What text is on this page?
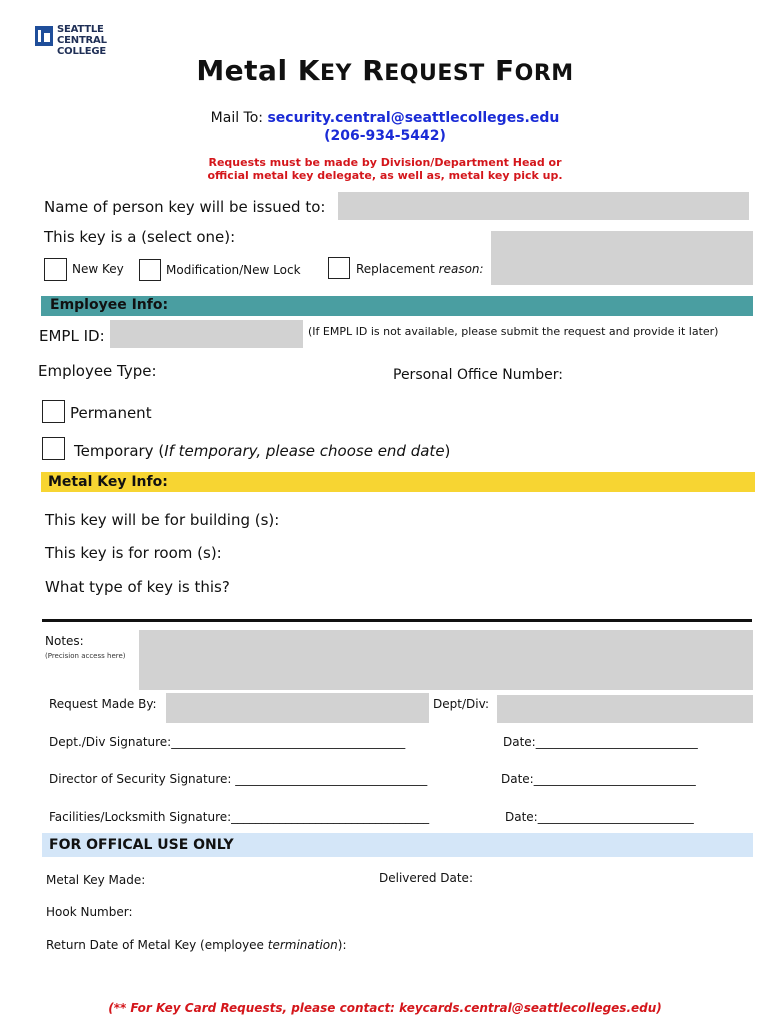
SEATTLE CENTRAL
COLLEGE
Metal KEY REQUEST FORM
Mail To: security.central@seattlecolleges.edu
(206-934-5442)
Requests must be made by Division/Department Head or
official metal key delegate, as well as, metal key pick up.
Name of person key will be issued to:
This key is a (select one):
New Key	Modification/New Lock	Replacement reason:
Employee Info:
EMPL ID:	(If EMPL ID is not available, please submit the request and provide it later)
Employee Type:	Personal Office Number:
Permanent
Temporary (If temporary, please choose end date)
Metal Key Info:
This key will be for building (s):
This key is for room (s):
What type of key is this?
Notes:
(Precision access here)
Request Made By:	Dept/Div:
Dept./Div Signature:_______________________________________	Date:___________________________
Director of Security Signature: ________________________________	Date:___________________________
Facilities/Locksmith Signature:_________________________________	Date:__________________________
FOR OFFICAL USE ONLY
Metal Key Made:	Delivered Date:
Hook Number:
Return Date of Metal Key (employee termination):
(** For Key Card Requests, please contact: keycards.central@seattlecolleges.edu)
